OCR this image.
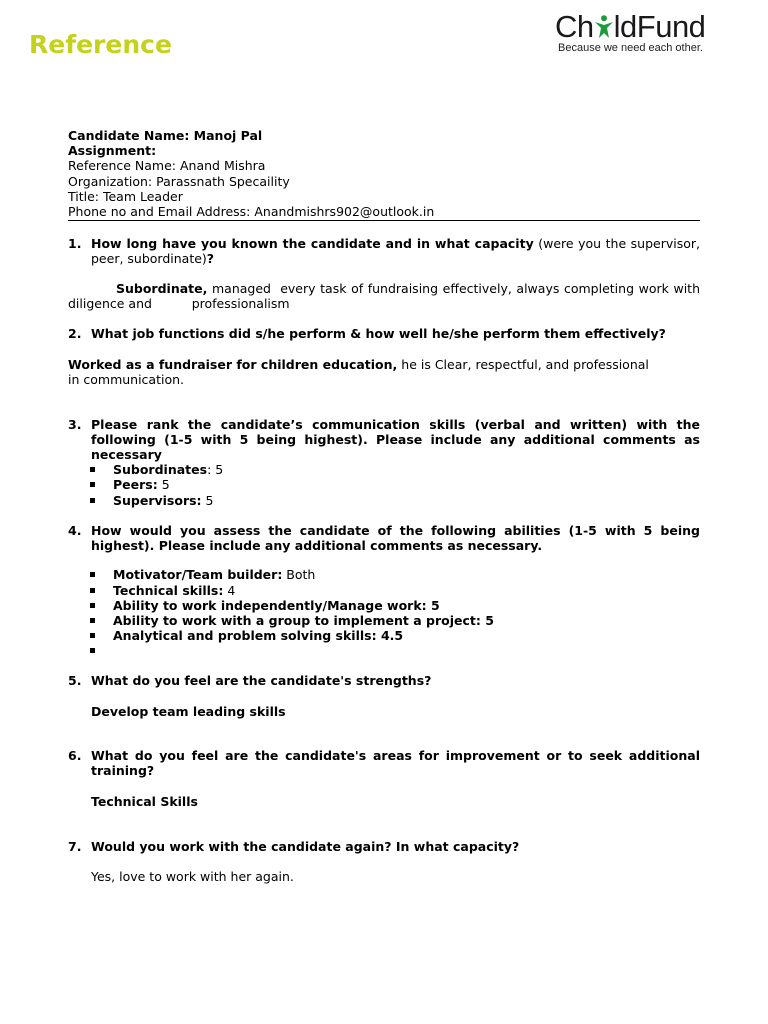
Reference
Ch ldFund
Because we need each other.
Candidate Name: Manoj Pal
Assignment:
Reference Name: Anand Mishra
Organization: Parassnath Specaility
Title: Team Leader
Phone no and Email Address: Anandmishrs902@outlook.in
1. How long have you known the candidate and in what capacity (were you the supervisor, peer, subordinate)?
Subordinate, managed  every task of fundraising effectively, always completing work with diligence and          professionalism
2. What job functions did s/he perform & how well he/she perform them effectively?
Worked as a fundraiser for children education, he is Clear, respectful, and professional in communication.
3. Please rank the candidate’s communication skills (verbal and written) with the following (1-5 with 5 being highest). Please include any additional comments as necessary
Subordinates: 5
Peers: 5
Supervisors: 5
4. How would you assess the candidate of the following abilities (1-5 with 5 being highest). Please include any additional comments as necessary.
Motivator/Team builder: Both
Technical skills: 4
Ability to work independently/Manage work: 5
Ability to work with a group to implement a project: 5
Analytical and problem solving skills: 4.5
5. What do you feel are the candidate's strengths?
Develop team leading skills
6. What do you feel are the candidate's areas for improvement or to seek additional training?
Technical Skills
7. Would you work with the candidate again? In what capacity?
Yes, love to work with her again.
